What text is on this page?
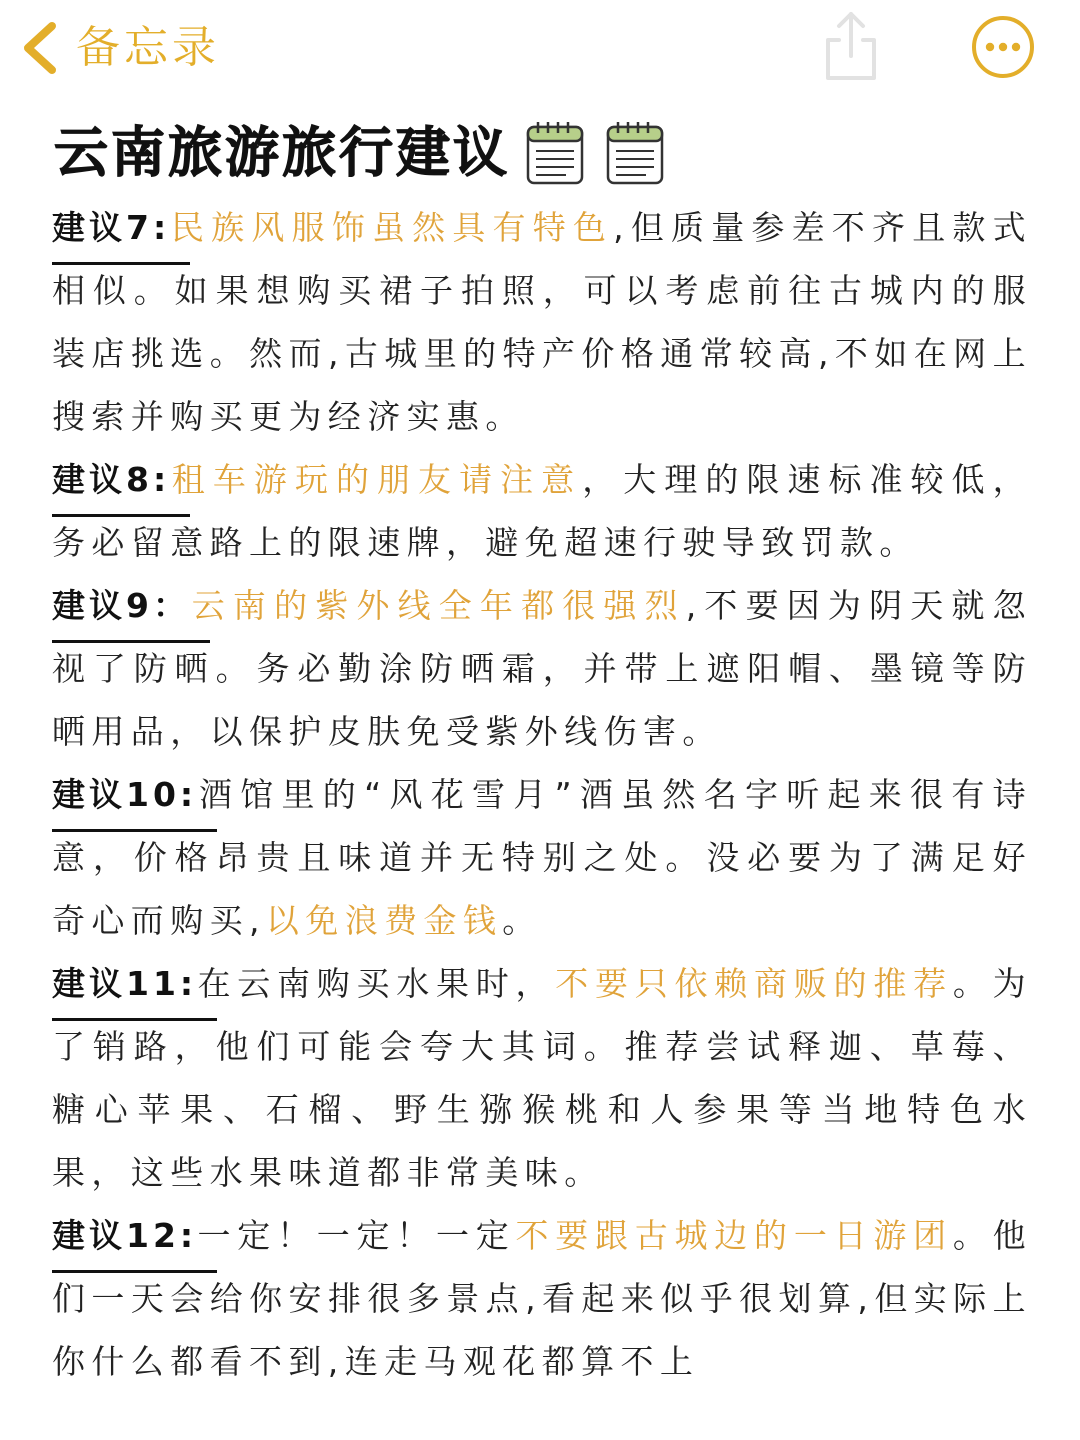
备忘录
云南旅游旅行建议
建议7:民族风服饰虽然具有特色,但质量参差不齐且款式相似。如果想购买裙子拍照，可以考虑前往古城内的服装店挑选。然而,古城里的特产价格通常较高,不如在网上搜索并购买更为经济实惠。
建议8:租车游玩的朋友请注意，大理的限速标准较低，务必留意路上的限速牌，避免超速行驶导致罚款。
建议9：云南的紫外线全年都很强烈,不要因为阴天就忽视了防晒。务必勤涂防晒霜，并带上遮阳帽、墨镜等防晒用品，以保护皮肤免受紫外线伤害。
建议10:酒馆里的“风花雪月”酒虽然名字听起来很有诗意，价格昂贵且味道并无特别之处。没必要为了满足好奇心而购买,以免浪费金钱。
建议11:在云南购买水果时，不要只依赖商贩的推荐。为了销路，他们可能会夸大其词。推荐尝试释迦、草莓、糖心苹果、石榴、野生猕猴桃和人参果等当地特色水果，这些水果味道都非常美味。
建议12:一定！一定！一定不要跟古城边的一日游团。他们一天会给你安排很多景点,看起来似乎很划算,但实际上你什么都看不到,连走马观花都算不上
